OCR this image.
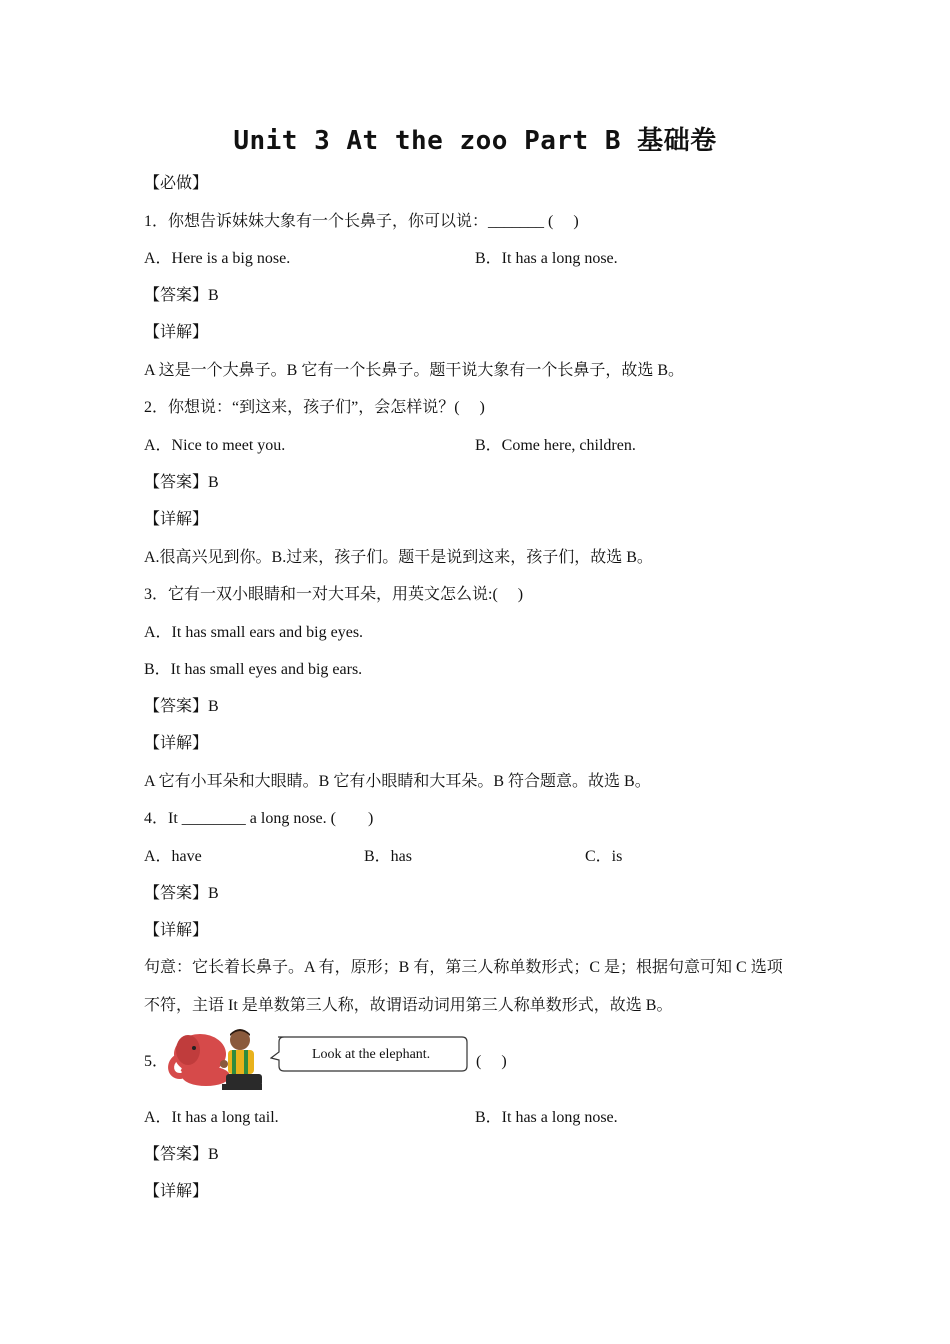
Unit 3 At the zoo Part B 基础卷
【必做】
1．你想告诉妹妹大象有一个长鼻子，你可以说：_______ (　 )
A．Here is a big nose.	B．It has a long nose.
【答案】B
【详解】
A 这是一个大鼻子。B 它有一个长鼻子。题干说大象有一个长鼻子，故选 B。
2．你想说：“到这来，孩子们”，会怎样说？( 　)
A．Nice to meet you.	B．Come here, children.
【答案】B
【详解】
A.很高兴见到你。B.过来，孩子们。题干是说到这来，孩子们，故选 B。
3．它有一双小眼睛和一对大耳朵，用英文怎么说:( 　)
A．It has small ears and big eyes.
B．It has small eyes and big ears.
【答案】B
【详解】
A 它有小耳朵和大眼睛。B 它有小眼睛和大耳朵。B 符合题意。故选 B。
4．It ________ a long nose. (　　)
A．have	B．has	C．is
【答案】B
【详解】
句意：它长着长鼻子。A 有，原形；B 有，第三人称单数形式；C 是；根据句意可知 C 选项
不符，主语 It 是单数第三人称，故谓语动词用第三人称单数形式，故选 B。
5．	Look at the elephant.	(　 )
A．It has a long tail.	B．It has a long nose.
【答案】B
【详解】
